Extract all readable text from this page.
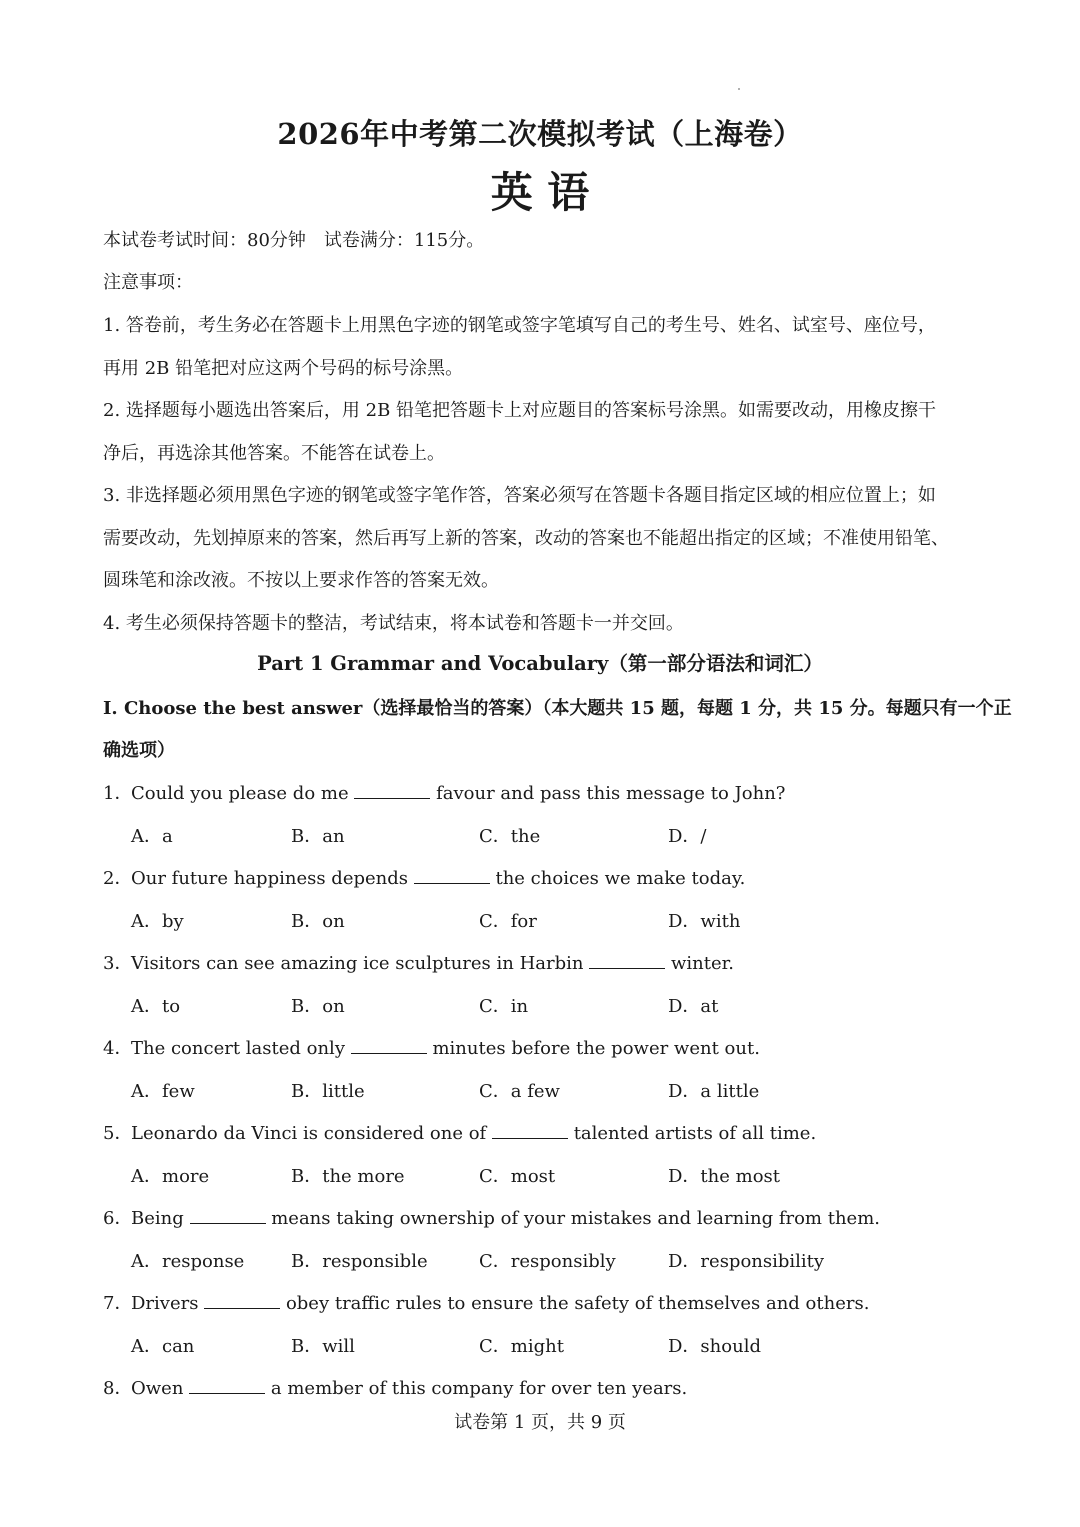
2026年中考第二次模拟考试（上海卷）
英 语
本试卷考试时间：80分钟　试卷满分：115分。
注意事项：
1. 答卷前，考生务必在答题卡上用黑色字迹的钢笔或签字笔填写自己的考生号、姓名、试室号、座位号，
再用 2B 铅笔把对应这两个号码的标号涂黑。
2. 选择题每小题选出答案后，用 2B 铅笔把答题卡上对应题目的答案标号涂黑。如需要改动，用橡皮擦干
净后，再选涂其他答案。不能答在试卷上。
3. 非选择题必须用黑色字迹的钢笔或签字笔作答，答案必须写在答题卡各题目指定区域的相应位置上；如
需要改动，先划掉原来的答案，然后再写上新的答案，改动的答案也不能超出指定的区域；不准使用铅笔、
圆珠笔和涂改液。不按以上要求作答的答案无效。
4. 考生必须保持答题卡的整洁，考试结束，将本试卷和答题卡一并交回。
Part 1 Grammar and Vocabulary（第一部分语法和词汇）
I. Choose the best answer（选择最恰当的答案）（本大题共 15 题，每题 1 分，共 15 分。每题只有一个正
确选项）
1．Could you please do me	favour and pass this message to John?
A．a	B．an	C．the	D．/
2．Our future happiness depends	the choices we make today.
A．by	B．on	C．for	D．with
3．Visitors can see amazing ice sculptures in Harbin	winter.
A．to	B．on	C．in	D．at
4．The concert lasted only	minutes before the power went out.
A．few	B．little	C．a few	D．a little
5．Leonardo da Vinci is considered one of	talented artists of all time.
A．more	B．the more	C．most	D．the most
6．Being	means taking ownership of your mistakes and learning from them.
A．response	B．responsible	C．responsibly	D．responsibility
7．Drivers	obey traffic rules to ensure the safety of themselves and others.
A．can	B．will	C．might	D．should
8．Owen	a member of this company for over ten years.
试卷第 1 页，共 9 页
